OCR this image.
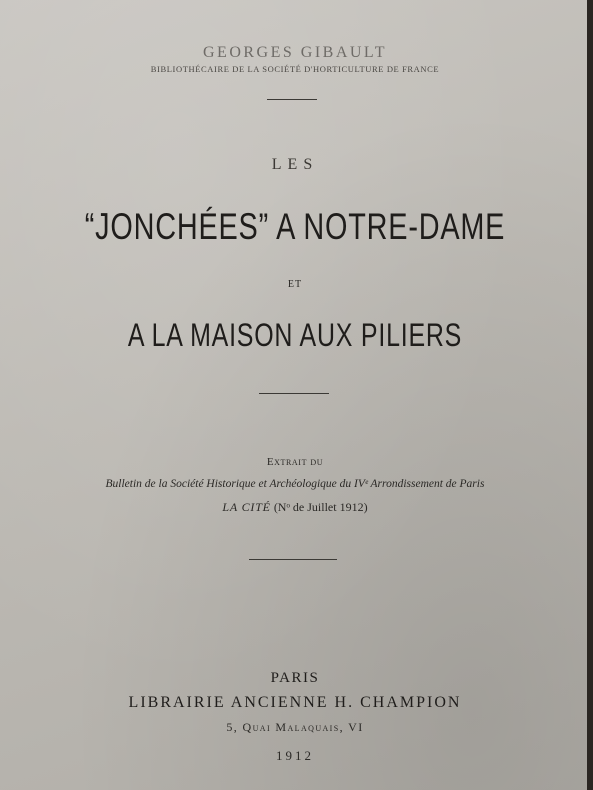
GEORGES GIBAULT
BIBLIOTHÉCAIRE DE LA SOCIÉTÉ D'HORTICULTURE DE FRANCE
LES
“JONCHÉES” A NOTRE-DAME
ET
A LA MAISON AUX PILIERS
Extrait du
Bulletin de la Société Historique et Archéologique du IVᵉ Arrondissement de Paris
LA CITÉ (Nᵒ de Juillet 1912)
PARIS
LIBRAIRIE ANCIENNE H. CHAMPION
5, Quai Malaquais, VI
1912
